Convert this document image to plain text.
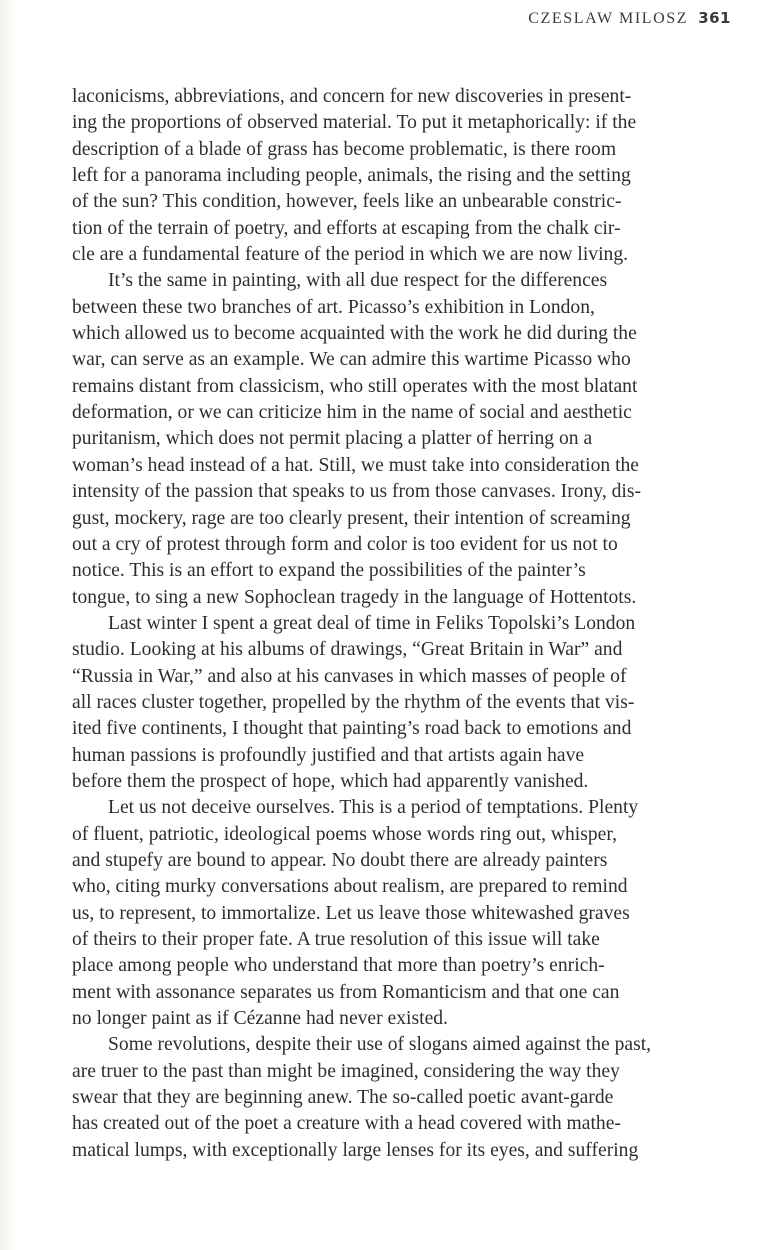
CZESLAW MILOSZ 361
laconicisms, abbreviations, and concern for new discoveries in present-
ing the proportions of observed material. To put it metaphorically: if the
description of a blade of grass has become problematic, is there room
left for a panorama including people, animals, the rising and the setting
of the sun? This condition, however, feels like an unbearable constric-
tion of the terrain of poetry, and efforts at escaping from the chalk cir-
cle are a fundamental feature of the period in which we are now living.
It’s the same in painting, with all due respect for the differences
between these two branches of art. Picasso’s exhibition in London,
which allowed us to become acquainted with the work he did during the
war, can serve as an example. We can admire this wartime Picasso who
remains distant from classicism, who still operates with the most blatant
deformation, or we can criticize him in the name of social and aesthetic
puritanism, which does not permit placing a platter of herring on a
woman’s head instead of a hat. Still, we must take into consideration the
intensity of the passion that speaks to us from those canvases. Irony, dis-
gust, mockery, rage are too clearly present, their intention of screaming
out a cry of protest through form and color is too evident for us not to
notice. This is an effort to expand the possibilities of the painter’s
tongue, to sing a new Sophoclean tragedy in the language of Hottentots.
Last winter I spent a great deal of time in Feliks Topolski’s London
studio. Looking at his albums of drawings, “Great Britain in War” and
“Russia in War,” and also at his canvases in which masses of people of
all races cluster together, propelled by the rhythm of the events that vis-
ited five continents, I thought that painting’s road back to emotions and
human passions is profoundly justified and that artists again have
before them the prospect of hope, which had apparently vanished.
Let us not deceive ourselves. This is a period of temptations. Plenty
of fluent, patriotic, ideological poems whose words ring out, whisper,
and stupefy are bound to appear. No doubt there are already painters
who, citing murky conversations about realism, are prepared to remind
us, to represent, to immortalize. Let us leave those whitewashed graves
of theirs to their proper fate. A true resolution of this issue will take
place among people who understand that more than poetry’s enrich-
ment with assonance separates us from Romanticism and that one can
no longer paint as if Cézanne had never existed.
Some revolutions, despite their use of slogans aimed against the past,
are truer to the past than might be imagined, considering the way they
swear that they are beginning anew. The so-called poetic avant-garde
has created out of the poet a creature with a head covered with mathe-
matical lumps, with exceptionally large lenses for its eyes, and suffering
